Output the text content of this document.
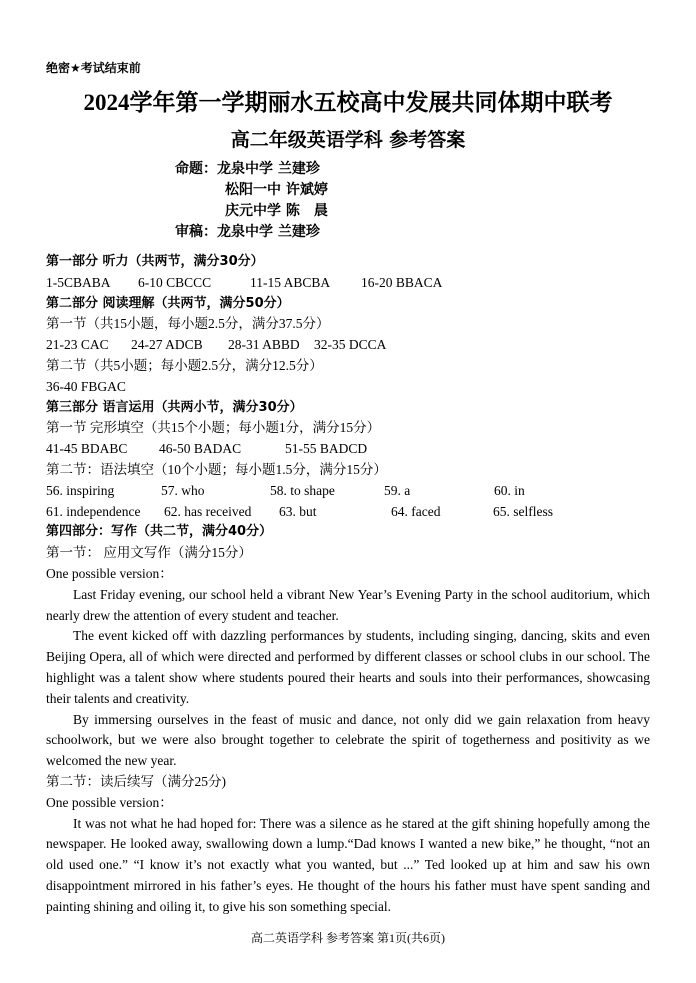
绝密★考试结束前
2024学年第一学期丽水五校高中发展共同体期中联考
高二年级英语学科 参考答案
命题：龙泉中学 兰建珍
松阳一中 许斌婷
庆元中学 陈　晨
审稿：龙泉中学 兰建珍
第一部分 听力（共两节，满分30分）
1-5CBABA	6-10 CBCCC	11-15 ABCBA	16-20 BBACA
第二部分 阅读理解（共两节，满分50分）
第一节（共15小题，每小题2.5分，满分37.5分）
21-23 CAC	24-27 ADCB	28-31 ABBD	32-35 DCCA
第二节（共5小题；每小题2.5分，满分12.5分）
36-40 FBGAC
第三部分 语言运用（共两小节，满分30分）
第一节 完形填空（共15个小题；每小题1分，满分15分）
41-45 BDABC	46-50 BADAC	51-55 BADCD
第二节：语法填空（10个小题；每小题1.5分，满分15分）
56. inspiring	57. who	58. to shape	59. a	60. in
61. independence	62. has received	63. but	64. faced	65. selfless
第四部分：写作（共二节，满分40分）
第一节： 应用文写作（满分15分）
One possible version：

Last Friday evening, our school held a vibrant New Year’s Evening Party in the school auditorium, which nearly drew the attention of every student and teacher.

The event kicked off with dazzling performances by students, including singing, dancing, skits and even Beijing Opera, all of which were directed and performed by different classes or school clubs in our school. The highlight was a talent show where students poured their hearts and souls into their performances, showcasing their talents and creativity.

By immersing ourselves in the feast of music and dance, not only did we gain relaxation from heavy schoolwork, but we were also brought together to celebrate the spirit of togetherness and positivity as we welcomed the new year.

第二节：读后续写（满分25分)
One possible version：

It was not what he had hoped for: There was a silence as he stared at the gift shining hopefully among the newspaper. He looked away, swallowing down a lump.“Dad knows I wanted a new bike,” he thought, “not an old used one.” “I know it’s not exactly what you wanted, but ...” Ted looked up at him and saw his own disappointment mirrored in his father’s eyes. He thought of the hours his father must have spent sanding and painting shining and oiling it, to give his son something special.

高二英语学科 参考答案 第1页(共6页)
